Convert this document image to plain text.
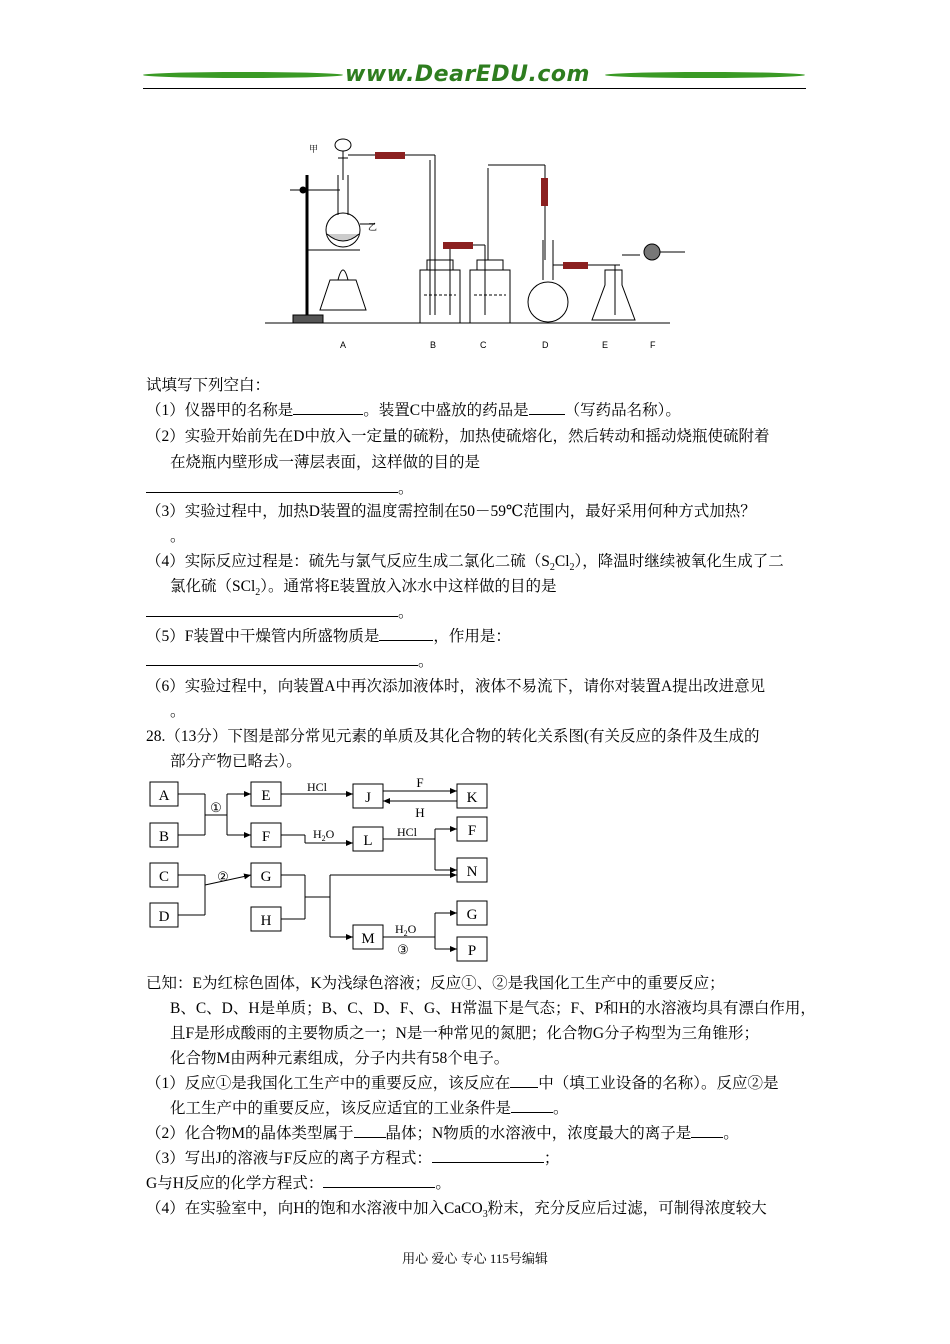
www.DearEDU.com
甲
乙
A	B	C	D	E	F
试填写下列空白：
（1）仪器甲的名称是	。装置C中盛放的药品是 （写药品名称）。
（2）实验开始前先在D中放入一定量的硫粉，加热使硫熔化，然后转动和摇动烧瓶使硫附着
在烧瓶内壁形成一薄层表面，这样做的目的是
。
（3）实验过程中，加热D装置的温度需控制在50－59℃范围内，最好采用何种方式加热？
。
（4）实际反应过程是：硫先与氯气反应生成二氯化二硫$(S_2Cl_2)$，降温时继续被氧化生成了二
氯化硫（SCl$_2$）。通常将E装置放入冰水中这样做的目的是
。
（5）F装置中干燥管内所盛物质是	，作用是：
。
（6）实验过程中，向装置A中再次添加液体时，液体不易流下，请你对装置A提出改进意见
。
28.（13分）下图是部分常见元素的单质及其化合物的转化关系图(有关反应的条件及生成的
部分产物已略去）。
A
B
C
D
E
F
G
H
J
L
M
K
F
N
G
P
①
②
③
HCl
HCl
F
H
$H_2O$
$H_2O$
已知：E为红棕色固体，K为浅绿色溶液；反应①、②是我国化工生产中的重要反应；
B、C、D、H是单质；B、C、D、F、G、H常温下是气态；F、P和H的水溶液均具有漂白作用，
且F是形成酸雨的主要物质之一；N是一种常见的氮肥；化合物G分子构型为三角锥形；
化合物M由两种元素组成，分子内共有58个电子。
（1）反应①是我国化工生产中的重要反应，该反应在 中（填工业设备的名称）。反应②是
化工生产中的重要反应，该反应适宜的工业条件是	。
（2）化合物M的晶体类型属于 晶体；N物质的水溶液中，浓度最大的离子是 。
（3）写出J的溶液与F反应的离子方程式：	；
G与H反应的化学方程式：	。
（4）在实验室中，向H的饱和水溶液中加入CaCO$_3$粉末，充分反应后过滤，可制得浓度较大
用心 爱心 专心 115号编辑
